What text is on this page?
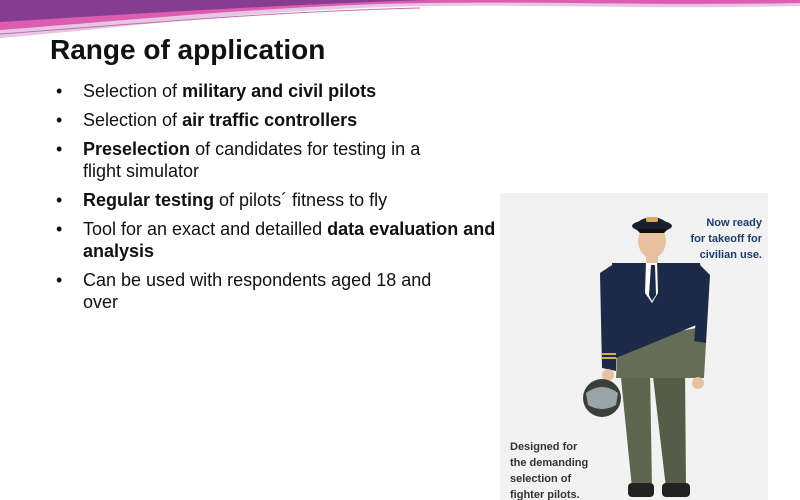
Range of application
• Selection of military and civil pilots
• Selection of air traffic controllers
• Preselection of candidates for testing in a flight simulator
• Regular testing of pilots´ fitness to fly
• Tool for an exact and detailled data evaluation and analysis
• Can be used with respondents aged 18 and over
Now ready
for takeoff for
civilian use.
Designed for
the demanding
selection of
fighter pilots.
